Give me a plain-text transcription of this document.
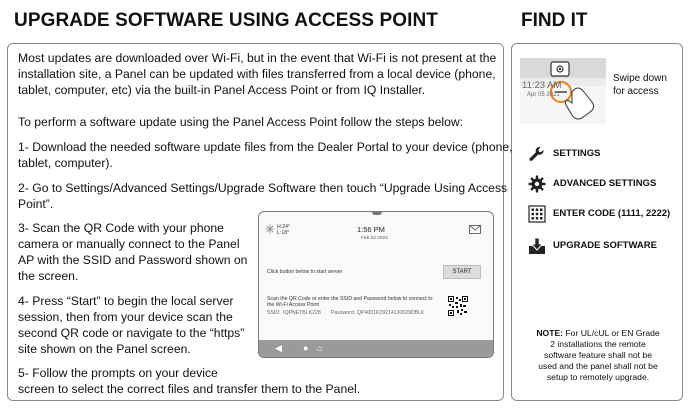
UPGRADE SOFTWARE USING ACCESS POINT	FIND IT
Most updates are downloaded over Wi-Fi, but in the event that Wi-Fi is not present at the
installation site, a Panel can be updated with files transferred from a local device (phone,
tablet, computer, etc) via the built-in Panel Access Point or from IQ Installer.
To perform a software update using the Panel Access Point follow the steps below:
1- Download the needed software update files from the Dealer Portal to your device (phone,
tablet, computer).
2- Go to Settings/Advanced Settings/Upgrade Software then touch “Upgrade Using Access
Point”.
3- Scan the QR Code with your phone
camera or manually connect to the Panel
AP with the SSID and Password shown on
the screen.
4- Press “Start” to begin the local server
session, then from your device scan the
second QR code or navigate to the “https”
site shown on the Panel screen.
5- Follow the prompts on your device
screen to select the correct files and transfer them to the Panel.
H:24°
L:18°	1:56 PM
Feb 22 2022
Click button below to start server	START
Scan the QR Code or enter the SSID and Password below to connect to
the Wi-Fi Access Point
SSID: IQPNETBLK228 Password: QP4001K292141J0029DBLK
◀ ● ⌂
11:23 AM
Apr 05 2021
Swipe down
for access
SETTINGS
ADVANCED SETTINGS
ENTER CODE (1111, 2222)
UPGRADE SOFTWARE
NOTE: For UL/cUL or EN Grade
2 installations the remote
software feature shall not be
used and the panel shall not be
setup to remotely upgrade.
